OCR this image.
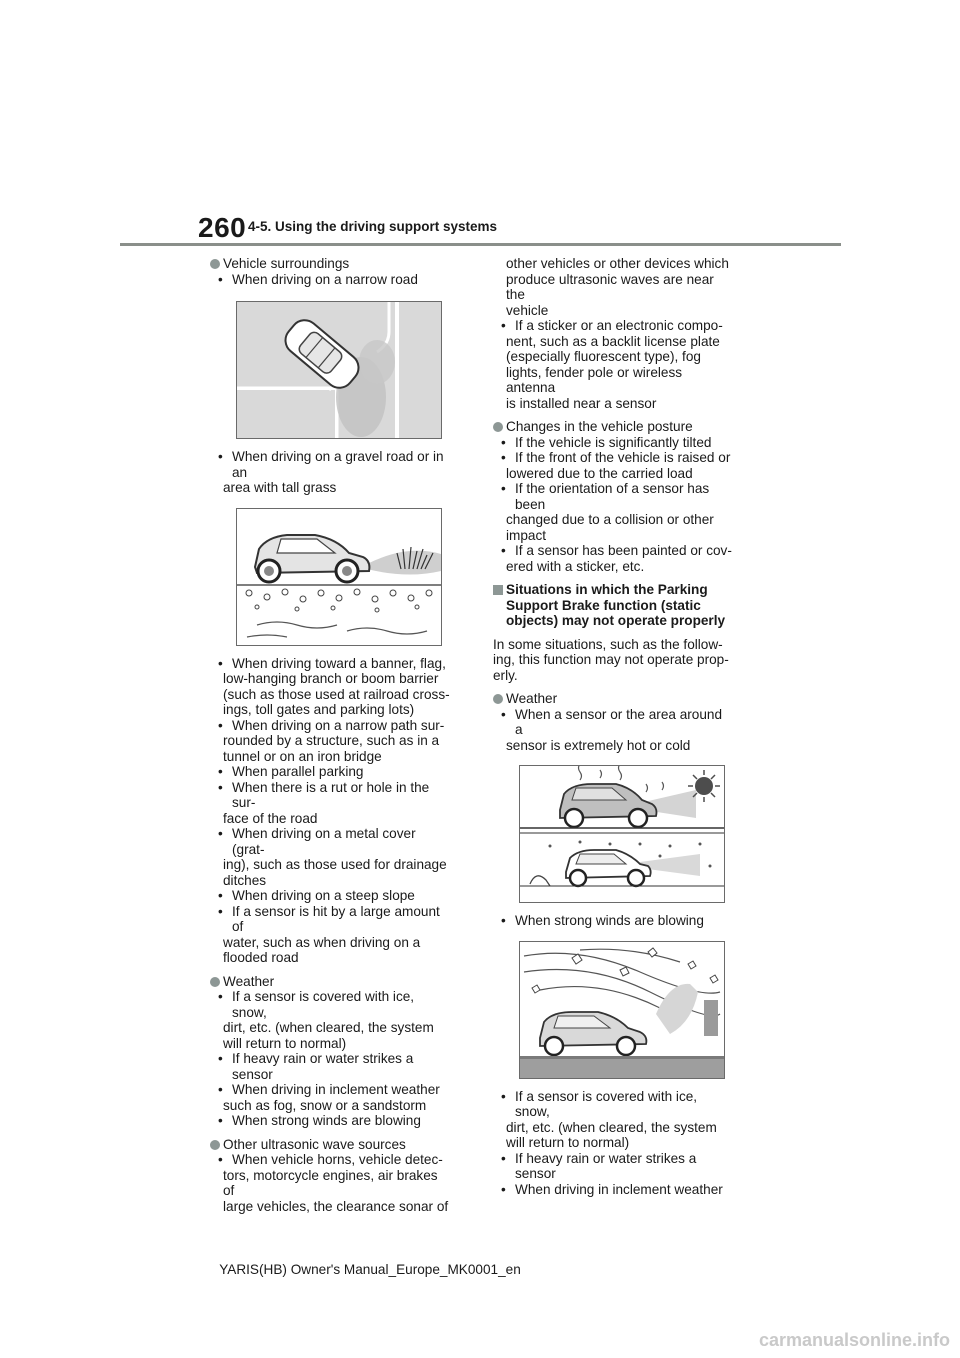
260 4-5. Using the driving support systems

Vehicle surroundings

• When driving on a narrow road
• When driving on a gravel road or in an
area with tall grass
• When driving toward a banner, flag,
low-hanging branch or boom barrier
(such as those used at railroad cross-
ings, toll gates and parking lots)
• When driving on a narrow path sur-
rounded by a structure, such as in a
tunnel or on an iron bridge
• When parallel parking
• When there is a rut or hole in the sur-
face of the road
• When driving on a metal cover (grat-
ing), such as those used for drainage
ditches
• When driving on a steep slope
• If a sensor is hit by a large amount of
water, such as when driving on a
flooded road

Weather

• If a sensor is covered with ice, snow,
dirt, etc. (when cleared, the system
will return to normal)
• If heavy rain or water strikes a sensor
• When driving in inclement weather
such as fog, snow or a sandstorm
• When strong winds are blowing

Other ultrasonic wave sources

• When vehicle horns, vehicle detec-
tors, motorcycle engines, air brakes of
large vehicles, the clearance sonar of
other vehicles or other devices which
produce ultrasonic waves are near the
vehicle
• If a sticker or an electronic compo-
nent, such as a backlit license plate
(especially fluorescent type), fog
lights, fender pole or wireless antenna
is installed near a sensor

Changes in the vehicle posture

• If the vehicle is significantly tilted
• If the front of the vehicle is raised or
lowered due to the carried load
• If the orientation of a sensor has been
changed due to a collision or other
impact
• If a sensor has been painted or cov-
ered with a sticker, etc.
Situations in which the Parking
Support Brake function (static
objects) may not operate properly
In some situations, such as the follow-
ing, this function may not operate prop-
erly.

Weather

• When a sensor or the area around a
sensor is extremely hot or cold
• When strong winds are blowing
• If a sensor is covered with ice, snow,
dirt, etc. (when cleared, the system
will return to normal)
• If heavy rain or water strikes a sensor
• When driving in inclement weather
YARIS(HB) Owner's Manual_Europe_MK0001_en
carmanualsonline.info
